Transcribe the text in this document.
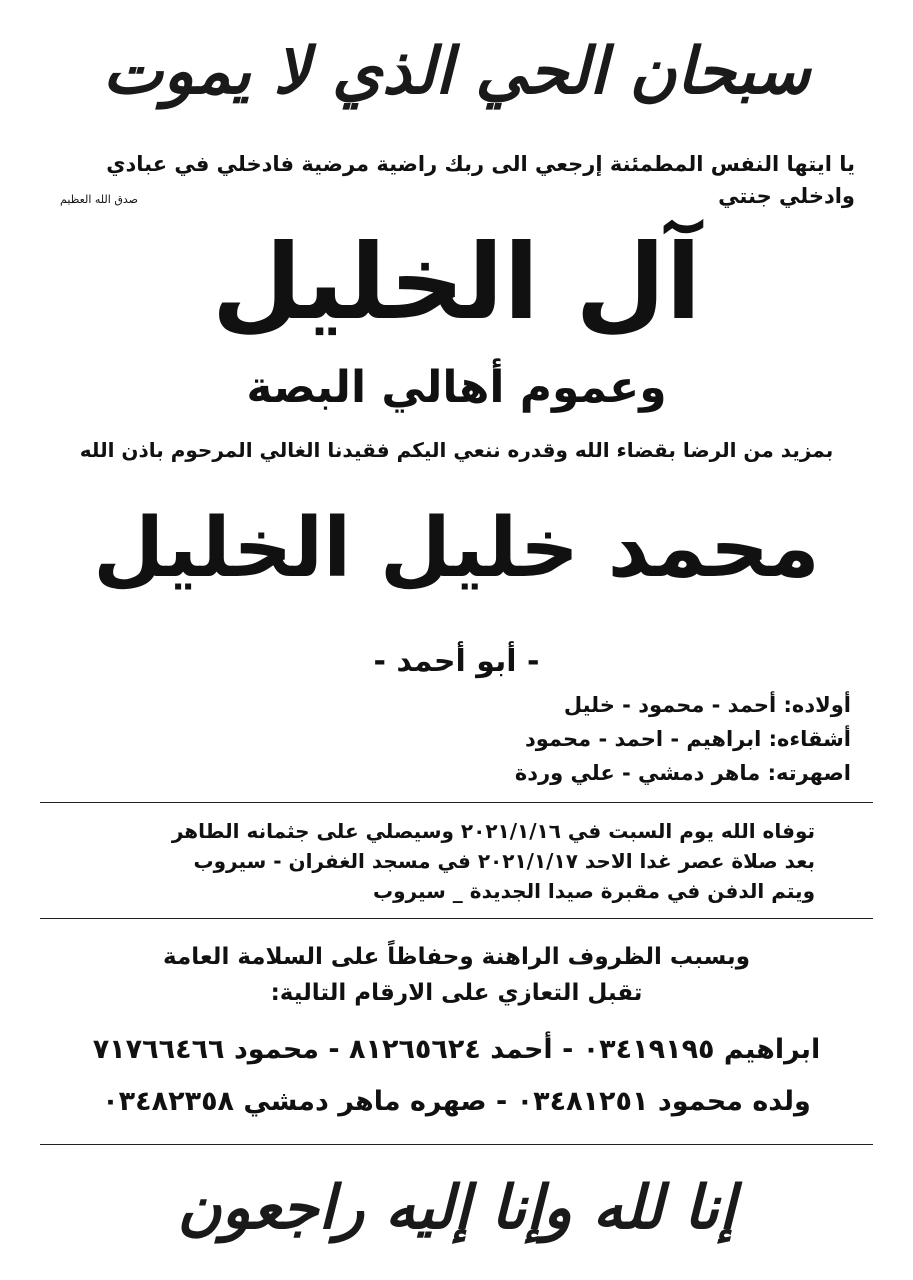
سبحان الحي الذي لا يموت
يا ايتها النفس المطمئنة إرجعي الى ربك راضية مرضية فادخلي في عبادي وادخلي جنتي
صدق الله العظيم
آل الخليل
وعموم أهالي البصة
بمزيد من الرضا بقضاء الله وقدره ننعي اليكم فقيدنا الغالي المرحوم باذن الله
محمد خليل الخليل
- أبو أحمد -
أولاده: أحمد - محمود - خليل
أشقاءه: ابراهيم - احمد - محمود
اصهرته: ماهر دمشي - علي وردة
توفاه الله يوم السبت في ٢٠٢١/١/١٦ وسيصلي على جثمانه الطاهر
بعد صلاة عصر غدا الاحد ٢٠٢١/١/١٧ في مسجد الغفران - سيروب
ويتم الدفن في مقبرة صيدا الجديدة _ سيروب
وبسبب الظروف الراهنة وحفاظاً على السلامة العامة
تقبل التعازي على الارقام التالية:
ابراهيم ٠٣٤١٩١٩٥ - أحمد ٨١٢٦٥٦٢٤ - محمود ٧١٧٦٦٤٦٦
ولده محمود ٠٣٤٨١٢٥١ - صهره ماهر دمشي ٠٣٤٨٢٣٥٨
إنا لله وإنا إليه راجعون
